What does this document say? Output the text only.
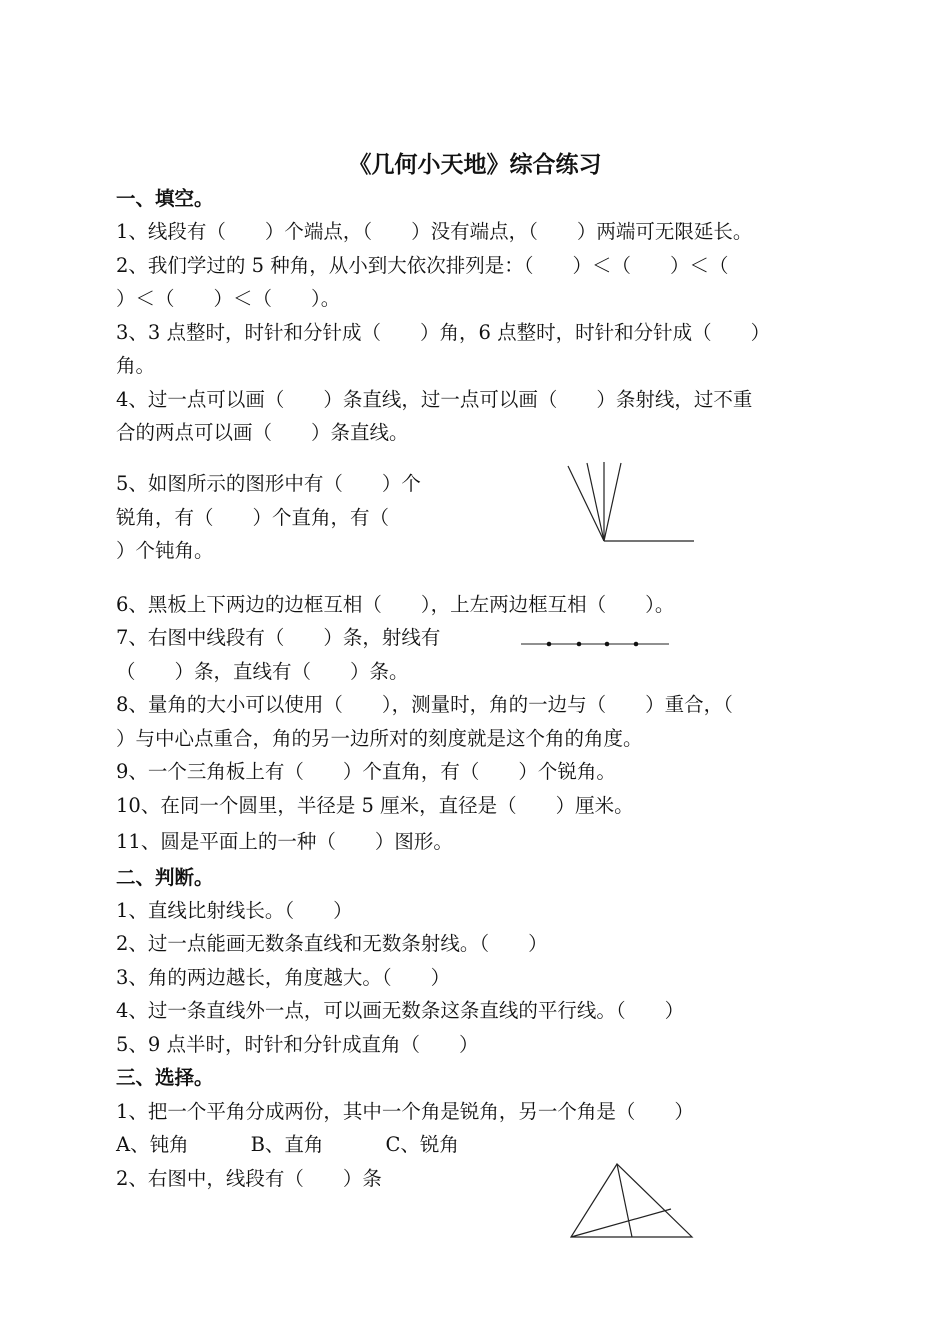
《几何小天地》综合练习
一、填空。
1、线段有（　　）个端点，（　　）没有端点，（　　）两端可无限延长。
2、我们学过的 5 种角，从小到大依次排列是：（　　）＜（　　）＜（
）＜（　　）＜（　　）。
3、3 点整时，时针和分针成（　　）角，6 点整时，时针和分针成（　　）
角。
4、过一点可以画（　　）条直线，过一点可以画（　　）条射线，过不重
合的两点可以画（　　）条直线。
5、如图所示的图形中有（　　）个
锐角，有（　　）个直角，有（
）个钝角。
6、黑板上下两边的边框互相（　　），上左两边框互相（　　）。
7、右图中线段有（　　）条，射线有
（　　）条，直线有（　　）条。
8、量角的大小可以使用（　　），测量时，角的一边与（　　）重合，（
）与中心点重合，角的另一边所对的刻度就是这个角的角度。
9、一个三角板上有（　　）个直角，有（　　）个锐角。
10、在同一个圆里，半径是 5 厘米，直径是（　　）厘米。
11、圆是平面上的一种（　　）图形。
二、判断。
1、直线比射线长。（　　）
2、过一点能画无数条直线和无数条射线。（　　）
3、角的两边越长，角度越大。（　　）
4、过一条直线外一点，可以画无数条这条直线的平行线。（　　）
5、9 点半时，时针和分针成直角（　　）
三、选择。
1、把一个平角分成两份，其中一个角是锐角，另一个角是（　　）
A、钝角	B、直角	C、锐角
2、右图中，线段有（　　）条
